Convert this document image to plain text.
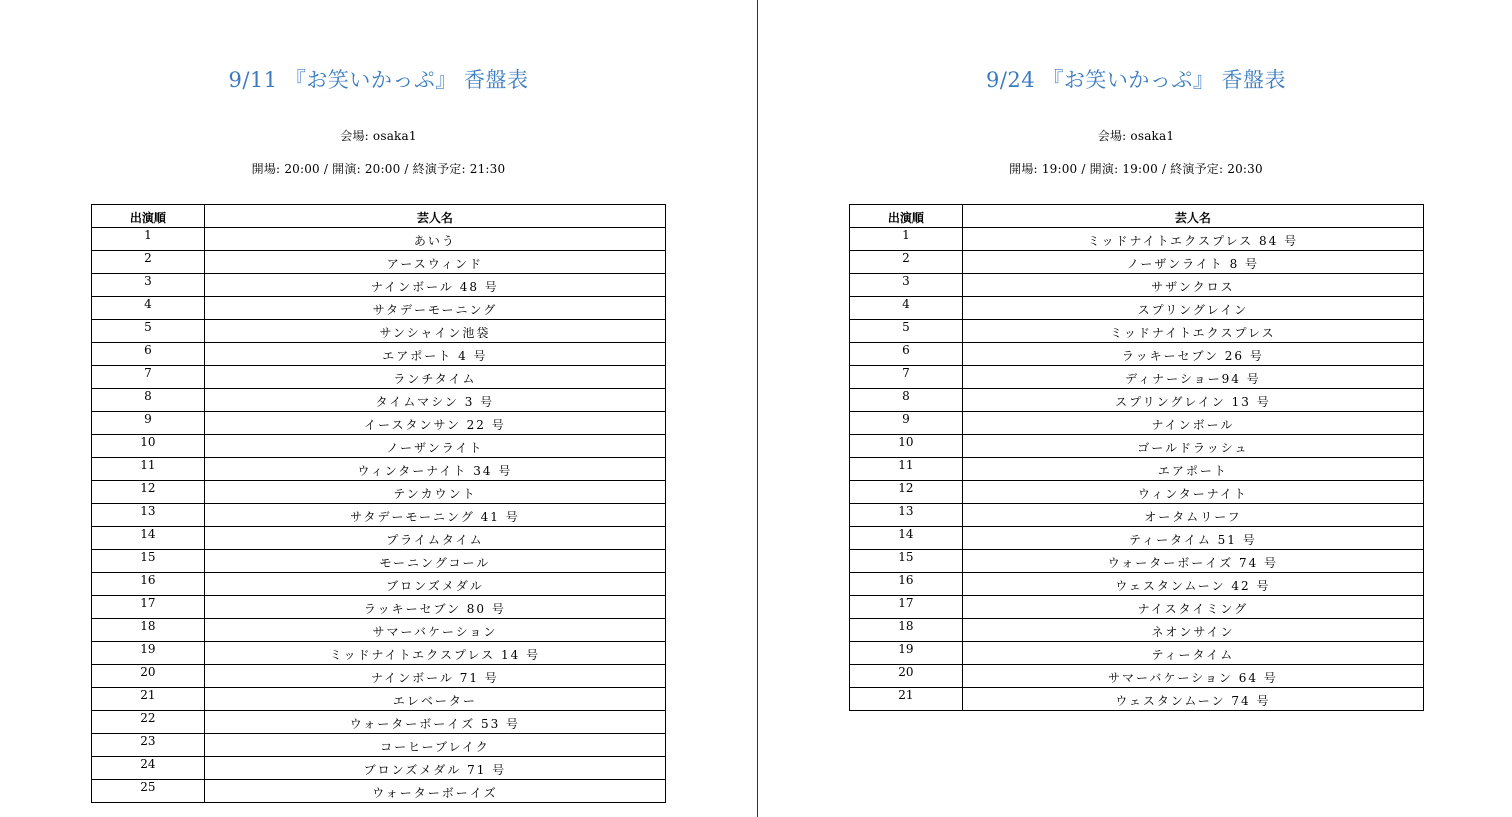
9/11 『お笑いかっぷ』 香盤表
会場: osaka1
開場: 20:00 / 開演: 20:00 / 終演予定: 21:30
出演順	芸人名
1	あいう
2	アースウィンド
3	ナインボール 48 号
4	サタデーモーニング
5	サンシャイン池袋
6	エアポート 4 号
7	ランチタイム
8	タイムマシン 3 号
9	イースタンサン 22 号
10	ノーザンライト
11	ウィンターナイト 34 号
12	テンカウント
13	サタデーモーニング 41 号
14	プライムタイム
15	モーニングコール
16	ブロンズメダル
17	ラッキーセブン 80 号
18	サマーバケーション
19	ミッドナイトエクスプレス 14 号
20	ナインボール 71 号
21	エレベーター
22	ウォーターボーイズ 53 号
23	コーヒーブレイク
24	ブロンズメダル 71 号
25	ウォーターボーイズ
9/24 『お笑いかっぷ』 香盤表
会場: osaka1
開場: 19:00 / 開演: 19:00 / 終演予定: 20:30
出演順	芸人名
1	ミッドナイトエクスプレス 84 号
2	ノーザンライト 8 号
3	サザンクロス
4	スプリングレイン
5	ミッドナイトエクスプレス
6	ラッキーセブン 26 号
7	ディナーショー94 号
8	スプリングレイン 13 号
9	ナインボール
10	ゴールドラッシュ
11	エアポート
12	ウィンターナイト
13	オータムリーフ
14	ティータイム 51 号
15	ウォーターボーイズ 74 号
16	ウェスタンムーン 42 号
17	ナイスタイミング
18	ネオンサイン
19	ティータイム
20	サマーバケーション 64 号
21	ウェスタンムーン 74 号
